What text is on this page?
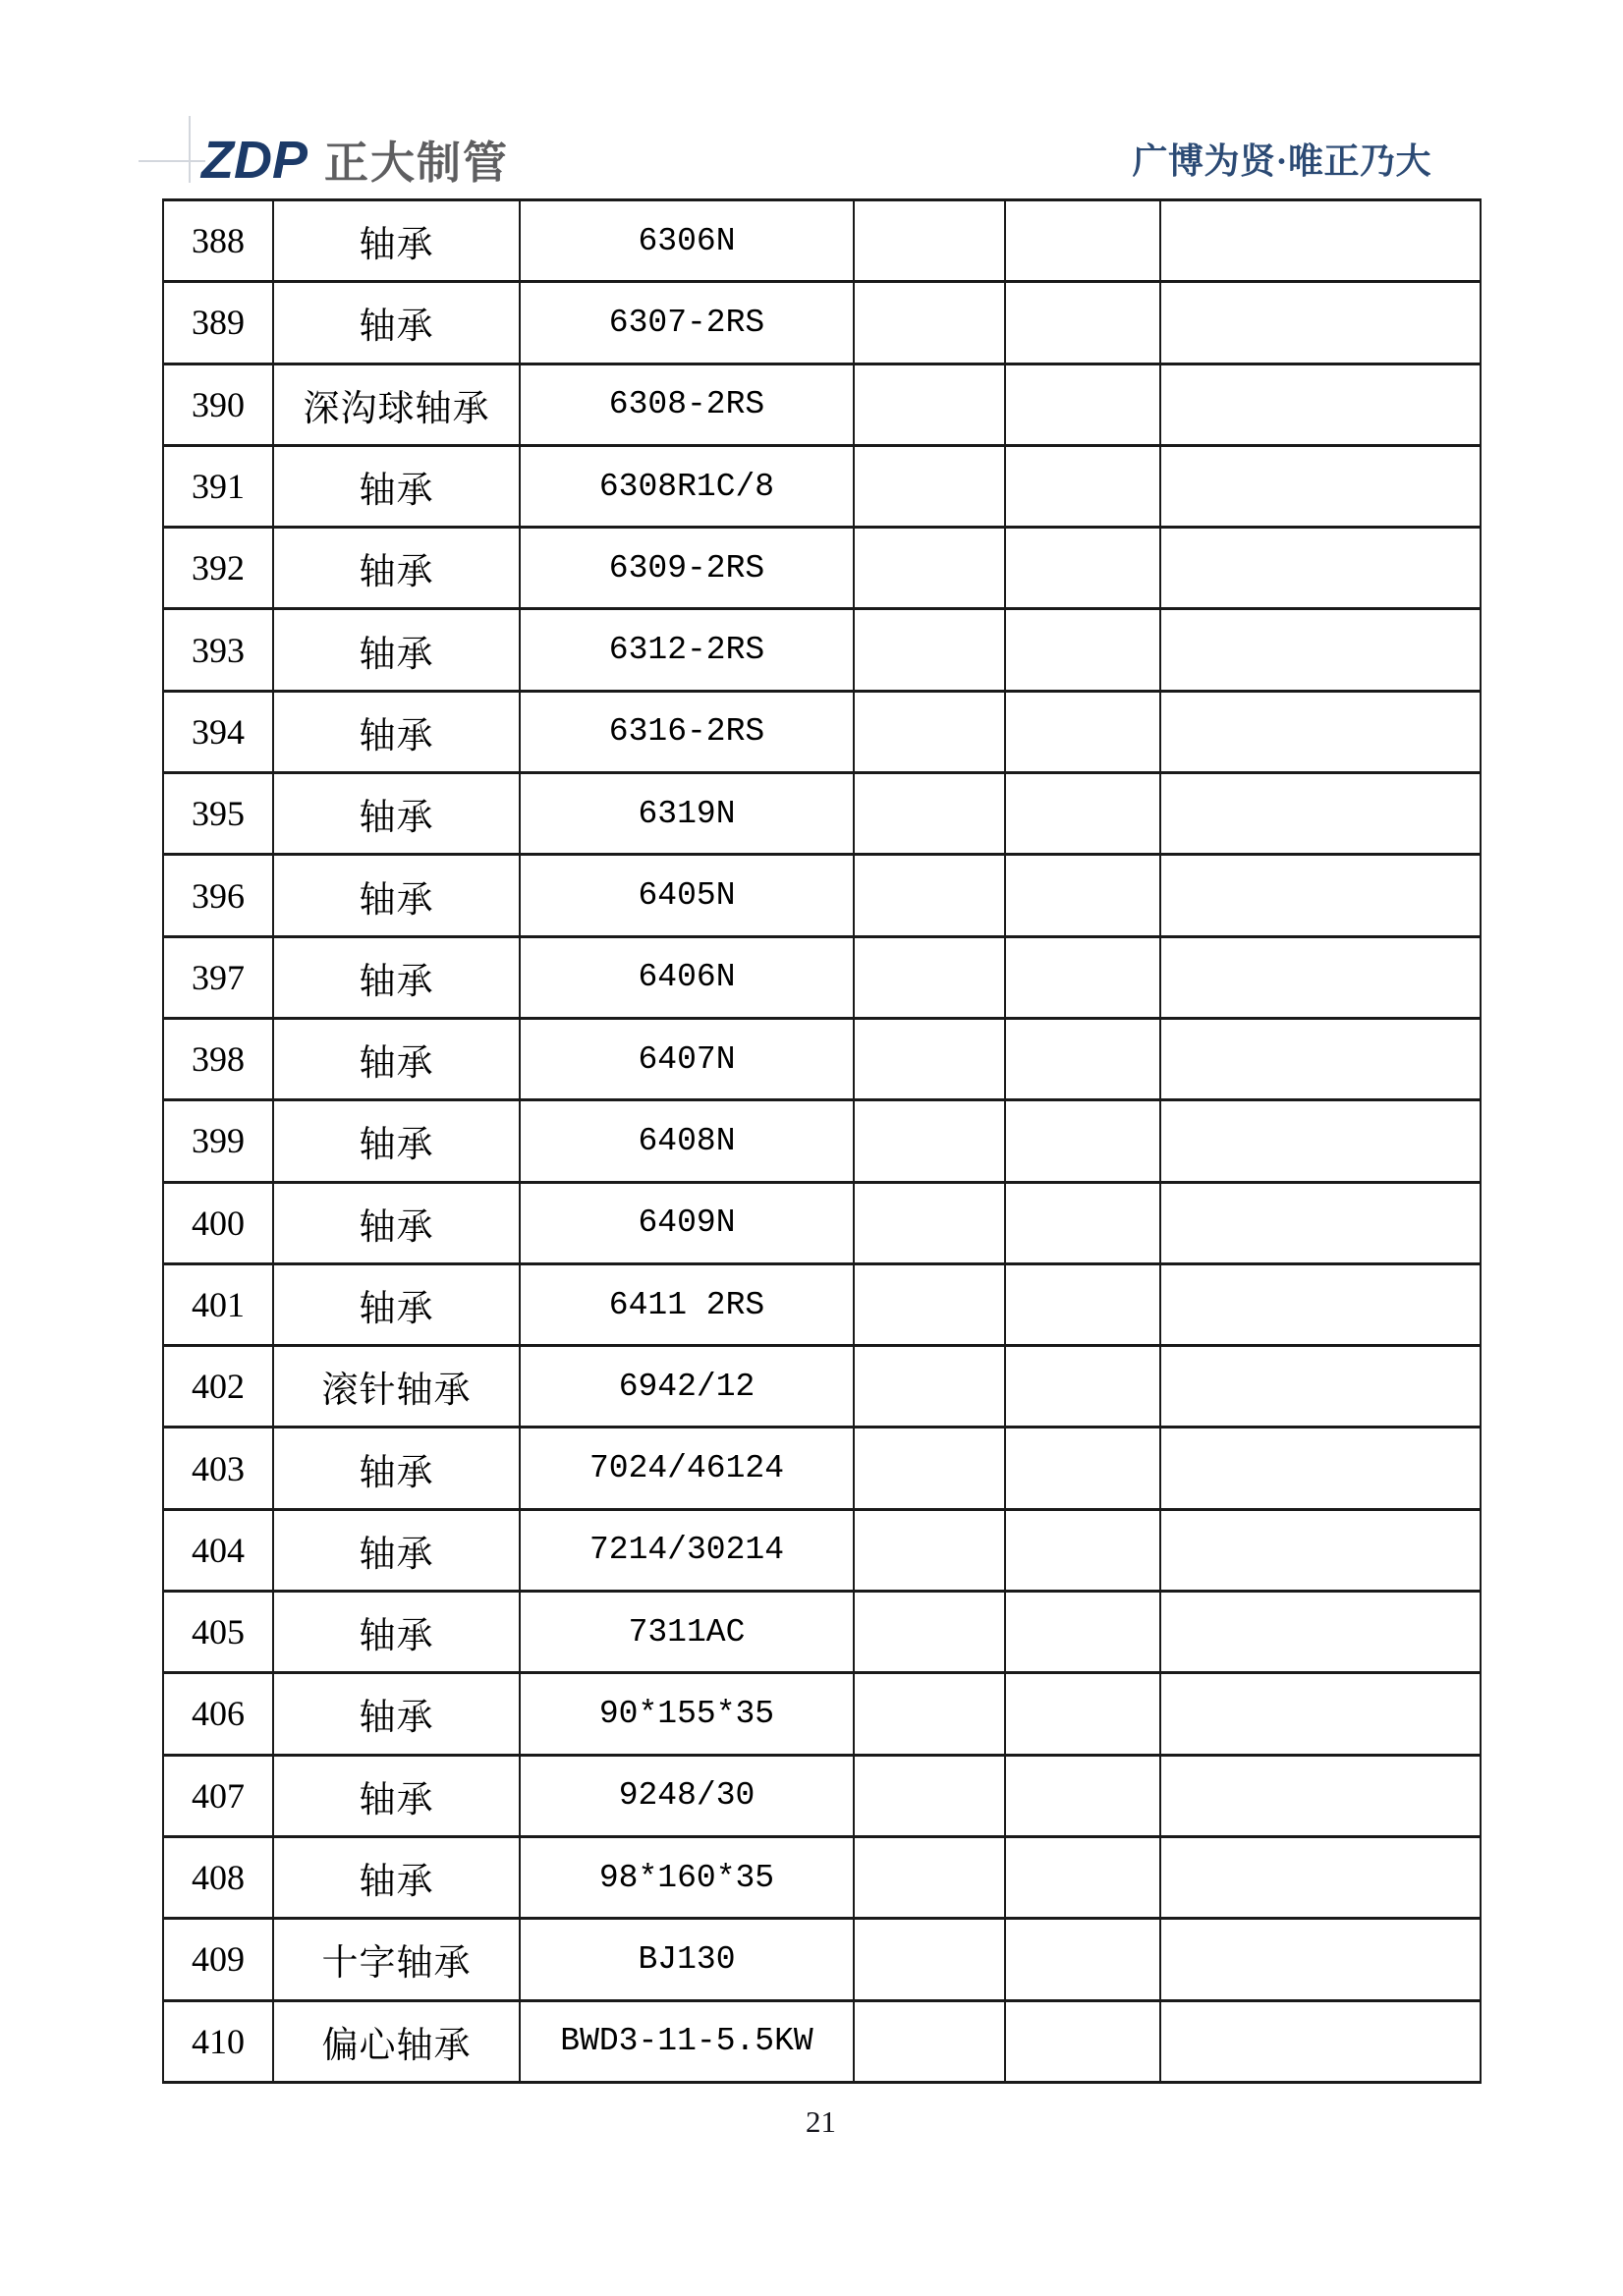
ZDP 正大制管	广博为贤·唯正乃大
388	轴承	6306N			
389	轴承	6307-2RS			
390	深沟球轴承	6308-2RS			
391	轴承	6308R1C/8			
392	轴承	6309-2RS			
393	轴承	6312-2RS			
394	轴承	6316-2RS			
395	轴承	6319N			
396	轴承	6405N			
397	轴承	6406N			
398	轴承	6407N			
399	轴承	6408N			
400	轴承	6409N			
401	轴承	6411 2RS			
402	滚针轴承	6942/12			
403	轴承	7024/46124			
404	轴承	7214/30214			
405	轴承	7311AC			
406	轴承	90*155*35			
407	轴承	9248/30			
408	轴承	98*160*35			
409	十字轴承	BJ130			
410	偏心轴承	BWD3-11-5.5KW			
21
